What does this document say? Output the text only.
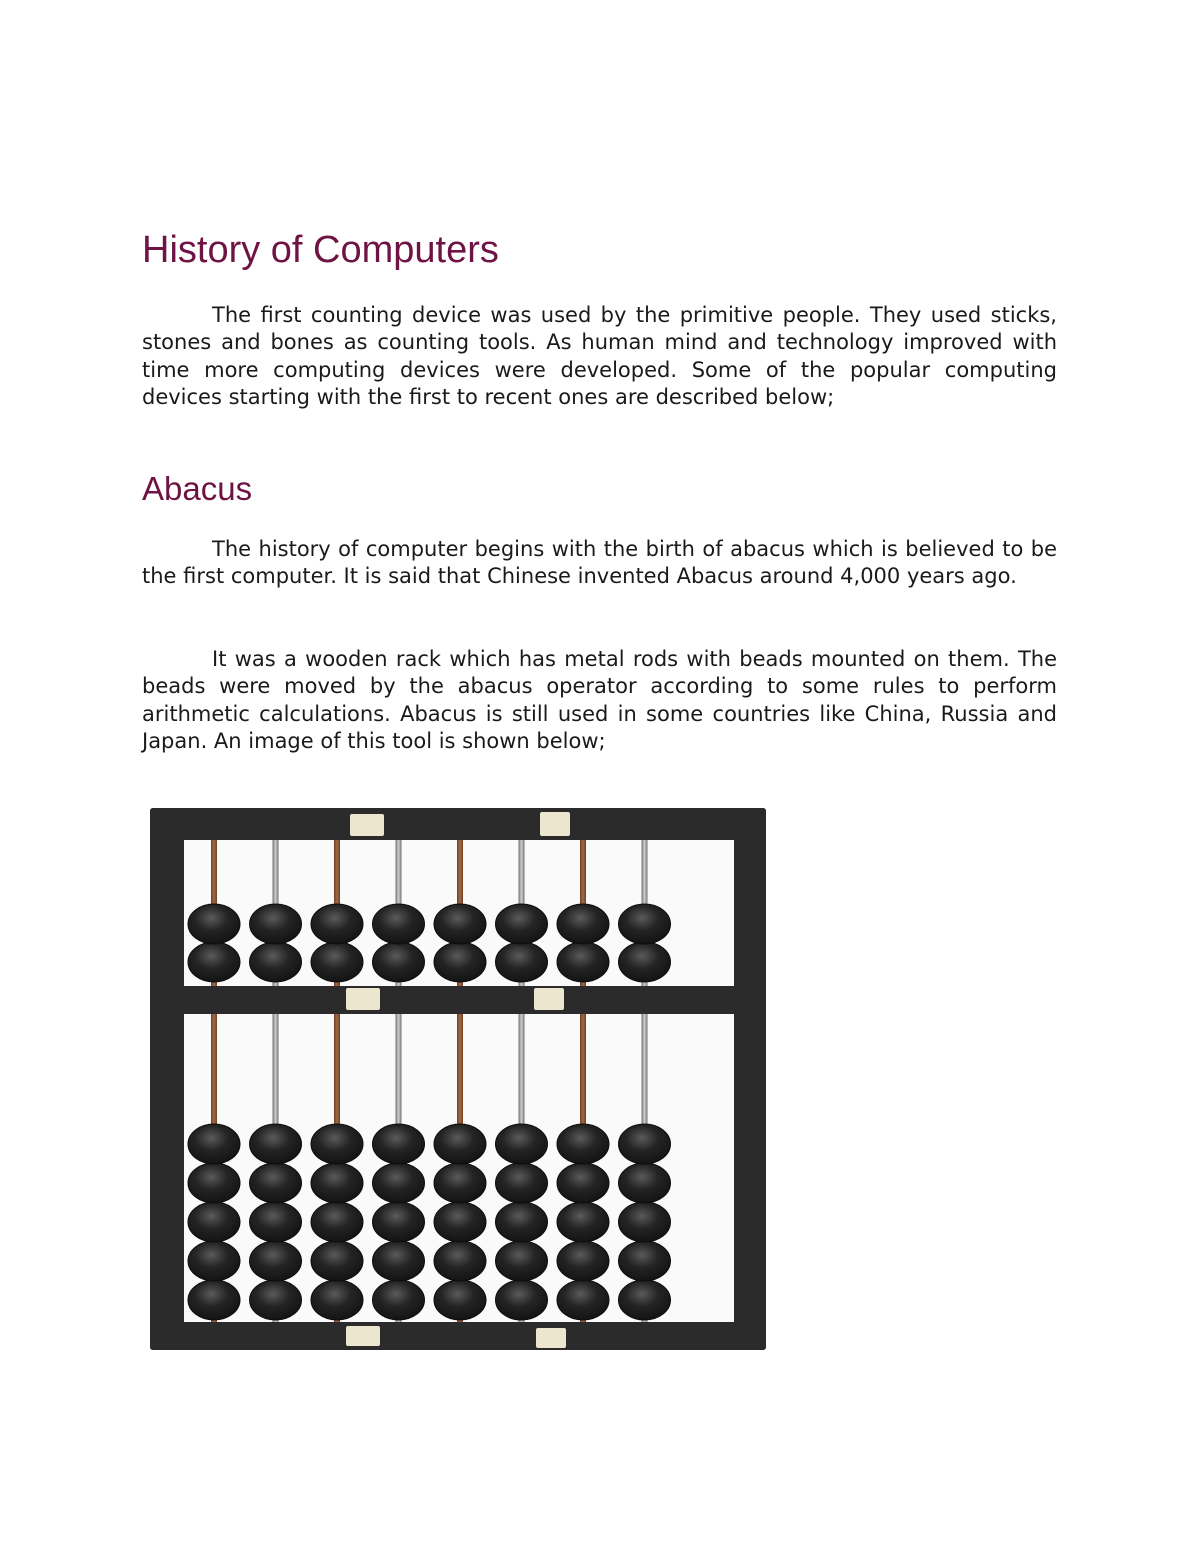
History of Computers

The first counting device was used by the primitive people. They used sticks, stones and bones as counting tools. As human mind and technology improved with time more computing devices were developed. Some of the popular computing devices starting with the first to recent ones are described below;

Abacus

The history of computer begins with the birth of abacus which is believed to be the first computer. It is said that Chinese invented Abacus around 4,000 years ago.

It was a wooden rack which has metal rods with beads mounted on them. The beads were moved by the abacus operator according to some rules to perform arithmetic calculations. Abacus is still used in some countries like China, Russia and Japan. An image of this tool is shown below;
